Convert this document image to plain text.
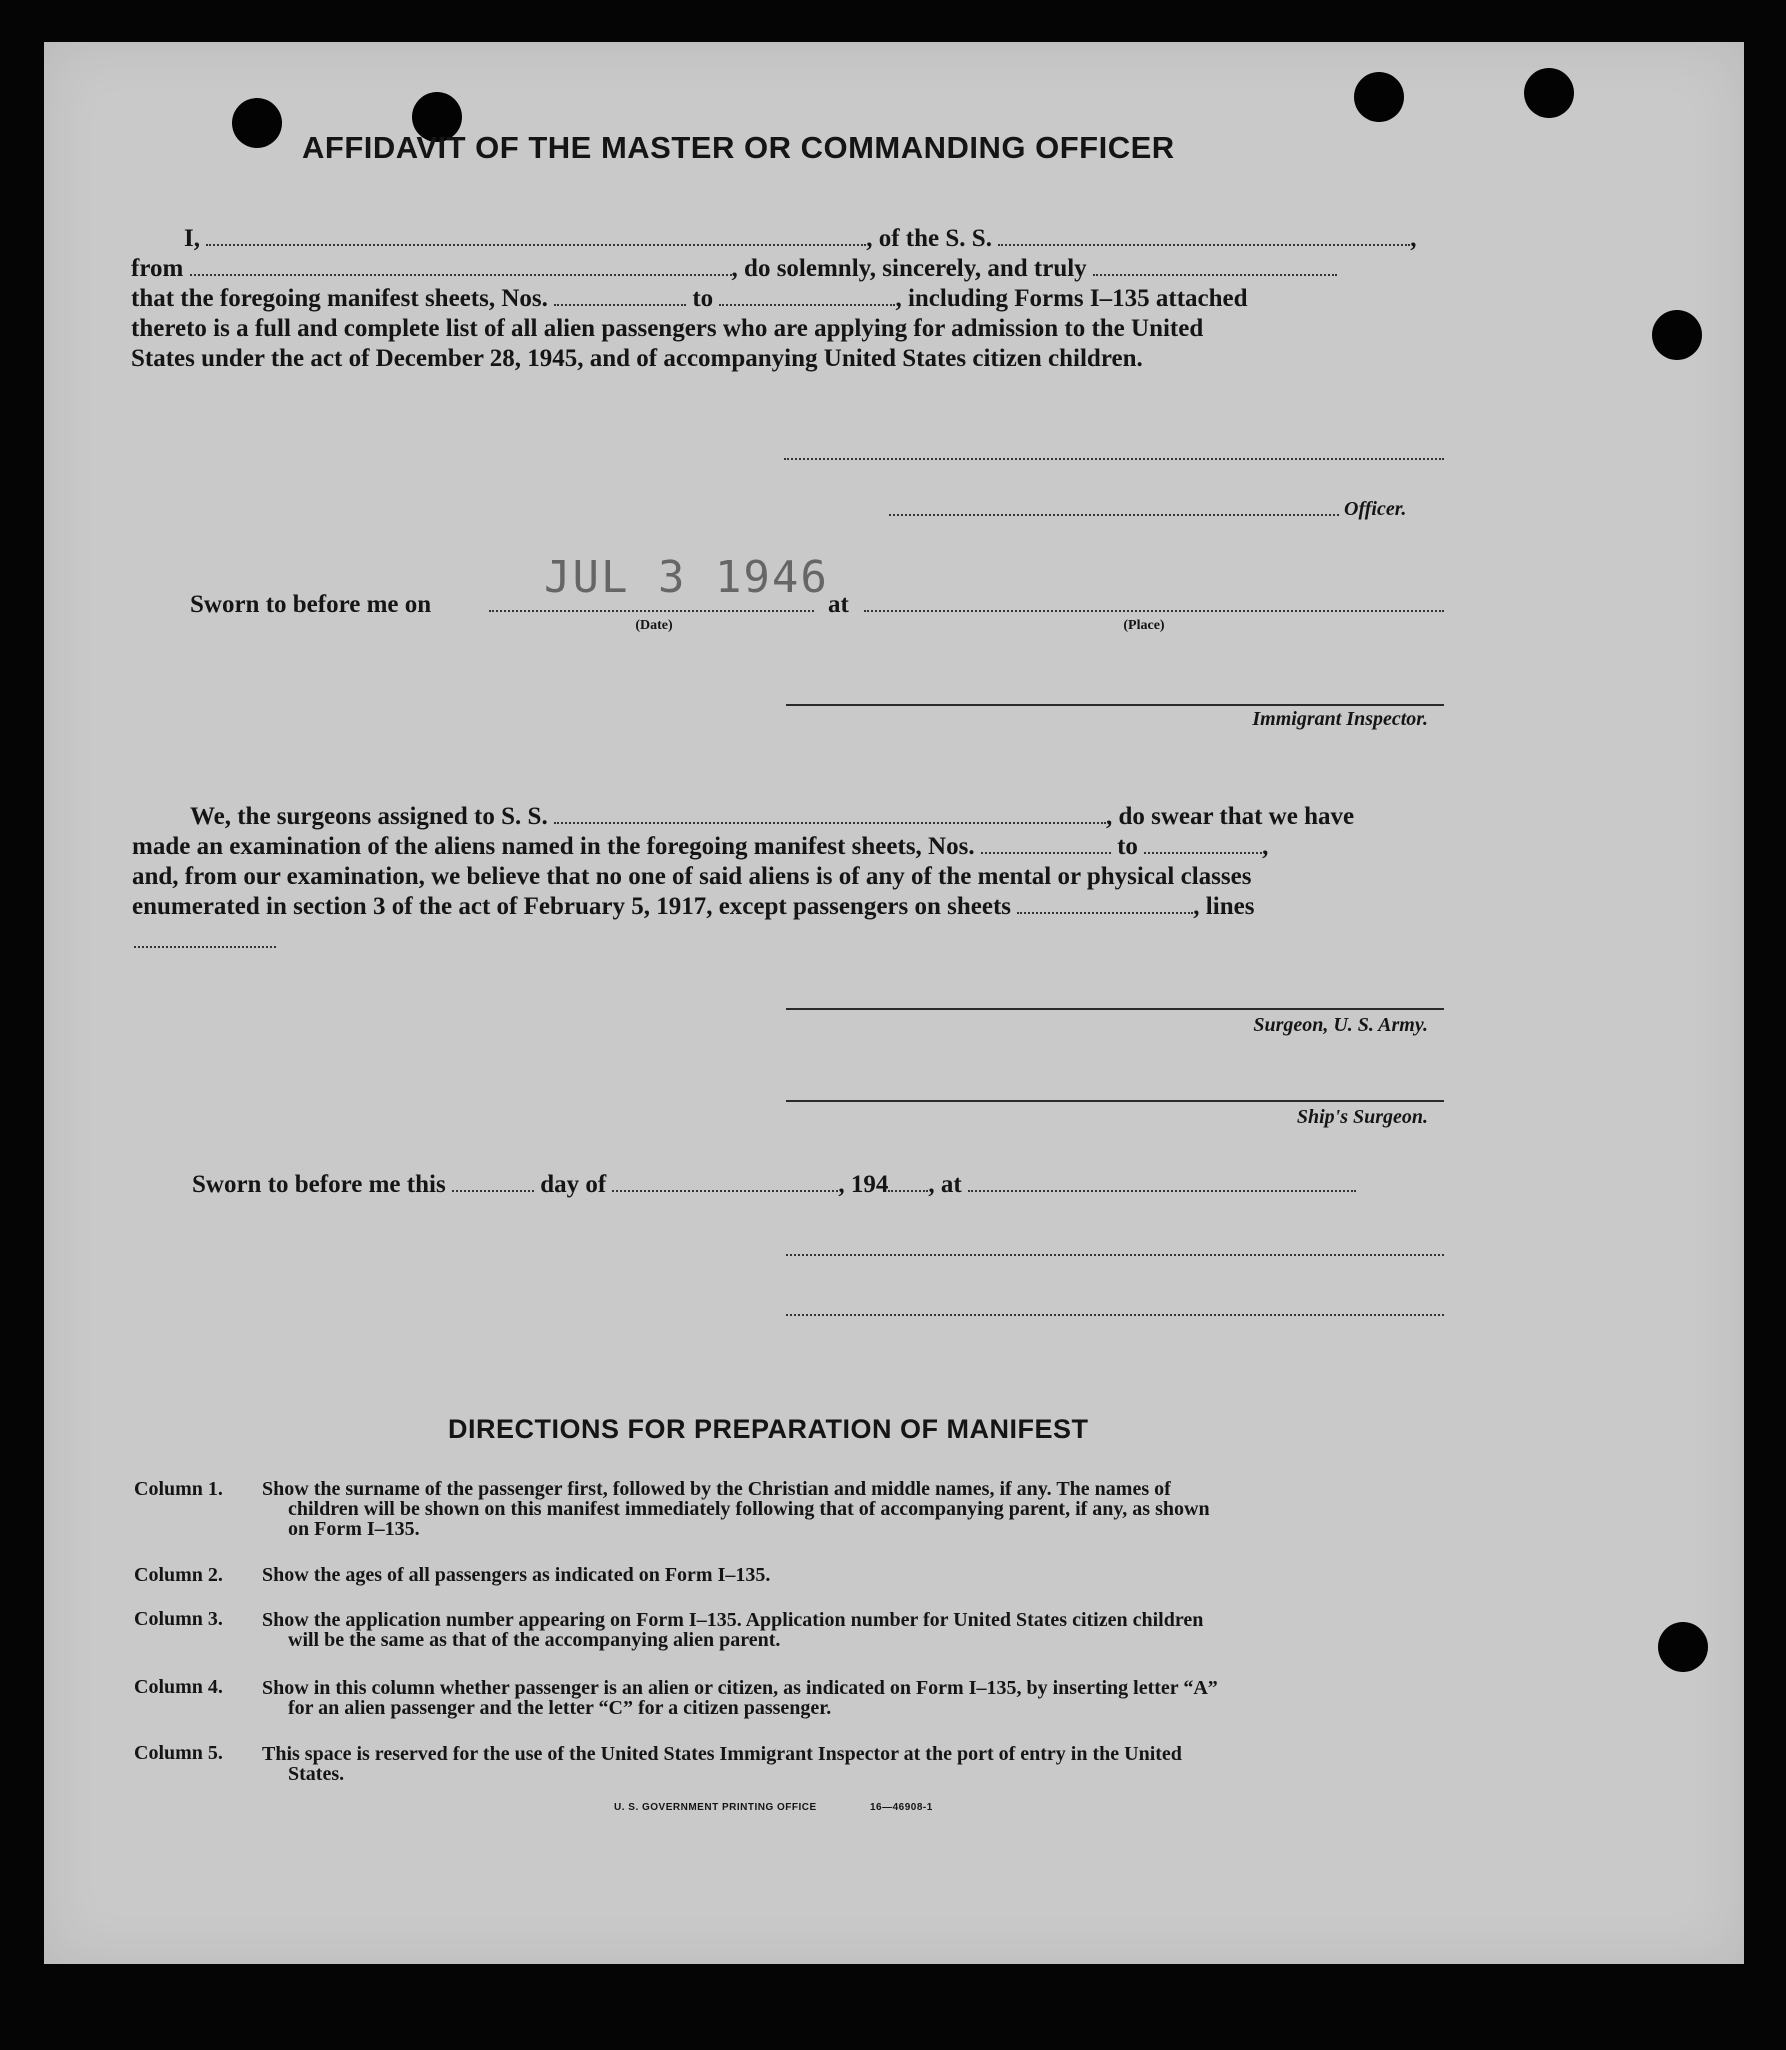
AFFIDAVIT OF THE MASTER OR COMMANDING OFFICER
I,	, of the S. S.	,
from	, do solemnly, sincerely, and truly
that the foregoing manifest sheets, Nos.	to	, including Forms I–135 attached
thereto is a full and complete list of all alien passengers who are applying for admission to the United
States under the act of December 28, 1945, and of accompanying United States citizen children.
Officer.
JUL 3 1946
Sworn to before me on	at
(Date)	(Place)
Immigrant Inspector.
We, the surgeons assigned to S. S.	, do swear that we have
made an examination of the aliens named in the foregoing manifest sheets, Nos.	to	,
and, from our examination, we believe that no one of said aliens is of any of the mental or physical classes
enumerated in section 3 of the act of February 5, 1917, except passengers on sheets	, lines
Surgeon, U. S. Army.
Ship's Surgeon.
Sworn to before me this	day of	, 194 , at
DIRECTIONS FOR PREPARATION OF MANIFEST
Column 1. Show the surname of the passenger first, followed by the Christian and middle names, if any. The names of
children will be shown on this manifest immediately following that of accompanying parent, if any, as shown
on Form I–135.
Column 2. Show the ages of all passengers as indicated on Form I–135.
Column 3. Show the application number appearing on Form I–135. Application number for United States citizen children
will be the same as that of the accompanying alien parent.
Column 4. Show in this column whether passenger is an alien or citizen, as indicated on Form I–135, by inserting letter “A”
for an alien passenger and the letter “C” for a citizen passenger.
Column 5. This space is reserved for the use of the United States Immigrant Inspector at the port of entry in the United
States.
U. S. GOVERNMENT PRINTING OFFICE	16—46908-1
